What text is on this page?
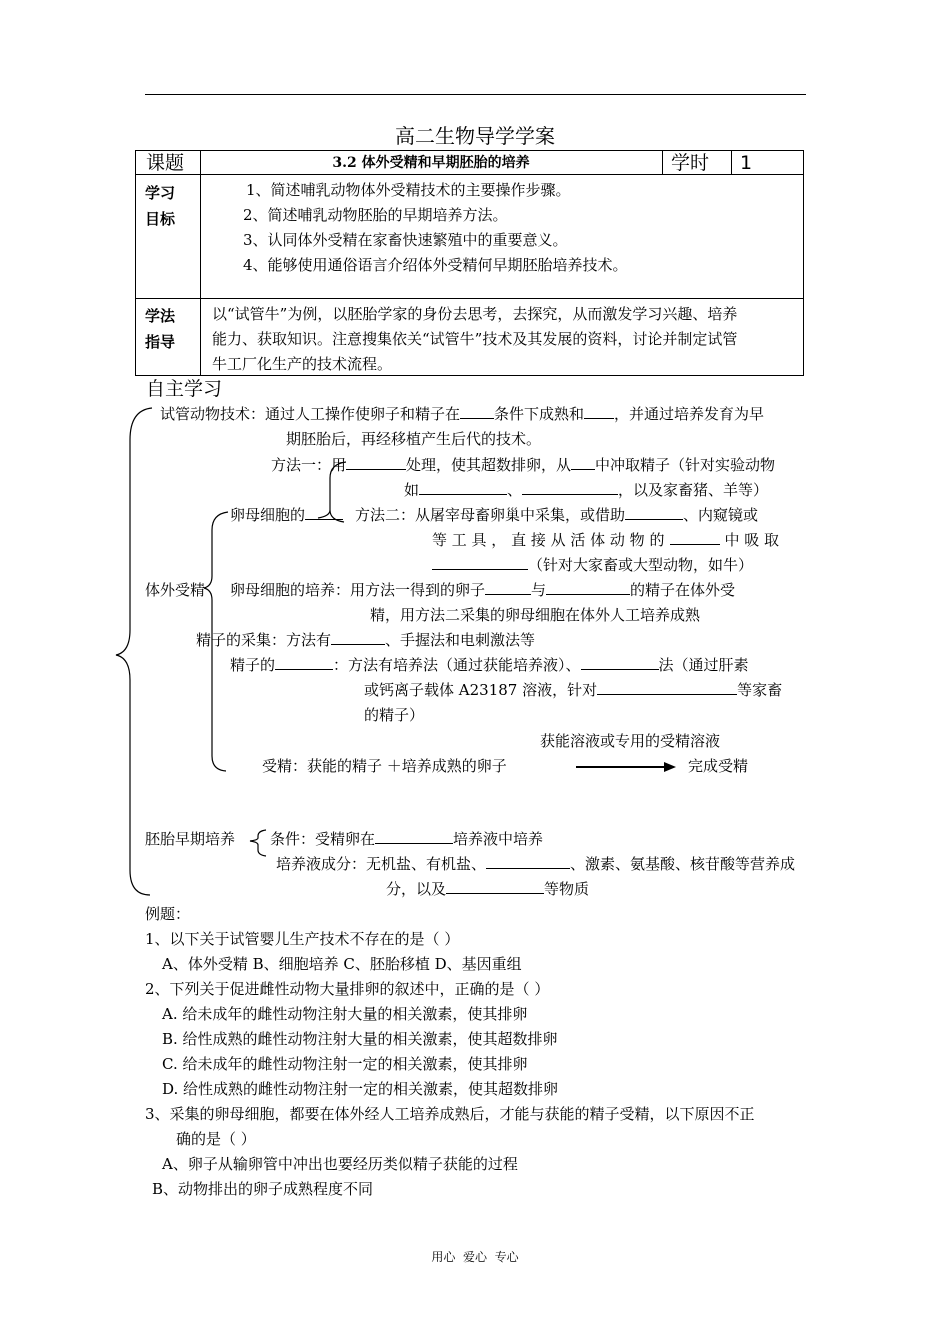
高二生物导学学案
课题	3.2 体外受精和早期胚胎的培养	学时 1
学习
目标
1、简述哺乳动物体外受精技术的主要操作步骤。
2、简述哺乳动物胚胎的早期培养方法。
3、认同体外受精在家畜快速繁殖中的重要意义。
4、能够使用通俗语言介绍体外受精何早期胚胎培养技术。
学法
指导
以“试管牛”为例，以胚胎学家的身份去思考，去探究，从而激发学习兴趣、培养
能力、获取知识。注意搜集依关“试管牛”技术及其发展的资料，讨论并制定试管
牛工厂化生产的技术流程。
自主学习
试管动物技术：通过人工操作使卵子和精子在 条件下成熟和 ，并通过培养发育为早
期胚胎后，再经移植产生后代的技术。
方法一：用	处理，使其超数排卵，从 中冲取精子（针对实验动物
如	、	，以及家畜猪、羊等）
卵母细胞的	方法二：从屠宰母畜卵巢中采集，或借助	、内窥镜或
等 工 具 ， 直 接 从 活 体 动 物 的	中 吸 取
（针对大家畜或大型动物，如牛）
体外受精 卵母细胞的培养：用方法一得到的卵子	与	的精子在体外受
精，用方法二采集的卵母细胞在体外人工培养成熟
精子的采集：方法有	、手握法和电刺激法等
精子的	：方法有培养法（通过获能培养液）、	法（通过肝素
或钙离子载体 A23187 溶液，针对	等家畜
的精子）
获能溶液或专用的受精溶液
受精：获能的精子 ＋培养成熟的卵子	完成受精
胚胎早期培养 条件：受精卵在	培养液中培养
培养液成分：无机盐、有机盐、	、激素、氨基酸、核苷酸等营养成
分，以及	等物质
例题：
1、以下关于试管婴儿生产技术不存在的是（ ）
A、体外受精 B、细胞培养 C、胚胎移植 D、基因重组
2、下列关于促进雌性动物大量排卵的叙述中，正确的是（ ）
A. 给未成年的雌性动物注射大量的相关激素，使其排卵
B. 给性成熟的雌性动物注射大量的相关激素，使其超数排卵
C. 给未成年的雌性动物注射一定的相关激素，使其排卵
D. 给性成熟的雌性动物注射一定的相关激素，使其超数排卵
3、采集的卵母细胞，都要在体外经人工培养成熟后，才能与获能的精子受精，以下原因不正
确的是（ ）
A、卵子从输卵管中冲出也要经历类似精子获能的过程
B、动物排出的卵子成熟程度不同
用心  爱心  专心
